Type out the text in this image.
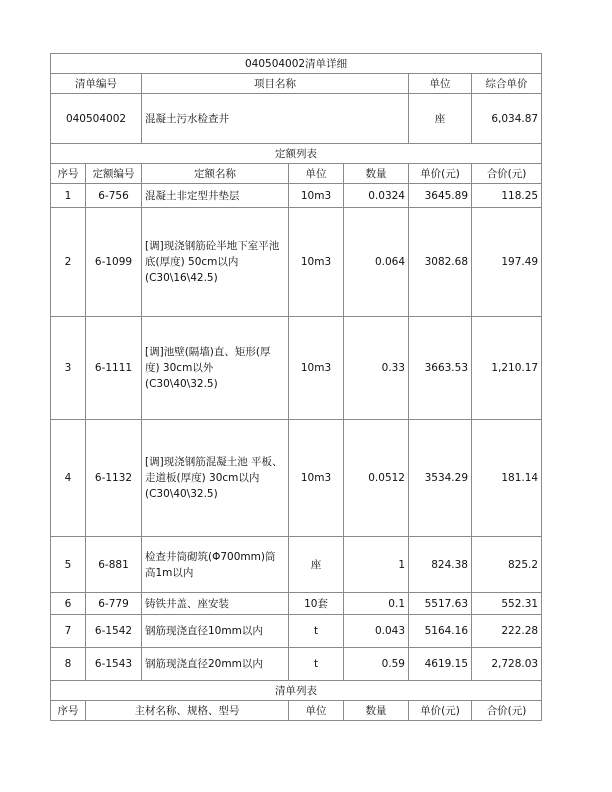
040504002清单详细						
清单编号		项目名称			单位	综合单价
040504002		混凝土污水检查井			座	6,034.87
定额列表						
序号	定额编号	定额名称	单位	数量	单价(元)	合价(元)
1	6-756	混凝土非定型井垫层	10m3	0.0324	3645.89	118.25
2	6-1099	[调]现浇钢筋砼半地下室平池底(厚度) 50cm以内(C30\16\42.5)	10m3	0.064	3082.68	197.49
3	6-1111	[调]池壁(隔墙)直、矩形(厚度) 30cm以外(C30\40\32.5)	10m3	0.33	3663.53	1,210.17
4	6-1132	[调]现浇钢筋混凝土池 平板、走道板(厚度) 30cm以内(C30\40\32.5)	10m3	0.0512	3534.29	181.14
5	6-881	检查井筒砌筑(Φ700mm)筒高1m以内	座	1	824.38	825.2
6	6-779	铸铁井盖、座安装	10套	0.1	5517.63	552.31
7	6-1542	钢筋现浇直径10mm以内	t	0.043	5164.16	222.28
8	6-1543	钢筋现浇直径20mm以内	t	0.59	4619.15	2,728.03
清单列表						
序号	主材名称、规格、型号		单位	数量	单价(元)	合价(元)
